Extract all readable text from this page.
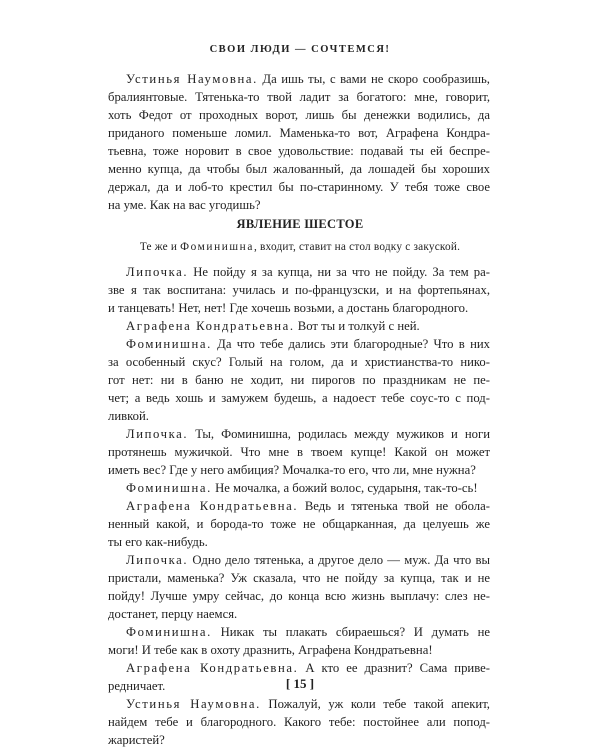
СВОИ ЛЮДИ — СОЧТЕМСЯ!
Устинья Наумовна. Да ишь ты, с вами не скоро сообразишь,
бралиянтовые. Тятенька-то твой ладит за богатого: мне, говорит,
хоть Федот от проходных ворот, лишь бы денежки водились, да
приданого поменьше ломил. Маменька-то вот, Аграфена Кондра-
тьевна, тоже норовит в свое удовольствие: подавай ты ей беспре-
менно купца, да чтобы был жалованный, да лошадей бы хороших
держал, да и лоб-то крестил бы по-старинному. У тебя тоже свое
на уме. Как на вас угодишь?
ЯВЛЕНИЕ ШЕСТОЕ
Те же и Фоминишна, входит, ставит на стол водку с закуской.
Липочка. Не пойду я за купца, ни за что не пойду. За тем ра-
зве я так воспитана: училась и по-французски, и на фортепьянах,
и танцевать! Нет, нет! Где хочешь возьми, а достань благородного.
Аграфена Кондратьевна. Вот ты и толкуй с ней.
Фоминишна. Да что тебе дались эти благородные? Что в них
за особенный скус? Голый на голом, да и христианства-то нико-
гот нет: ни в баню не ходит, ни пирогов по праздникам не пе-
чет; а ведь хошь и замужем будешь, а надоест тебе соус-то с под-
ливкой.
Липочка. Ты, Фоминишна, родилась между мужиков и ноги
протянешь мужичкой. Что мне в твоем купце! Какой он может
иметь вес? Где у него амбиция? Мочалка-то его, что ли, мне нужна?
Фоминишна. Не мочалка, а божий волос, сударыня, так-то-сь!
Аграфена Кондратьевна. Ведь и тятенька твой не обола-
ненный какой, и борода-то тоже не общарканная, да целуешь же
ты его как-нибудь.
Липочка. Одно дело тятенька, а другое дело — муж. Да что вы
пристали, маменька? Уж сказала, что не пойду за купца, так и не
пойду! Лучше умру сейчас, до конца всю жизнь выплачу: слез не-
достанет, перцу наемся.
Фоминишна. Никак ты плакать сбираешься? И думать не
моги! И тебе как в охоту дразнить, Аграфена Кондратьевна!
Аграфена Кондратьевна. А кто ее дразнит? Сама приве-
редничает.
Устинья Наумовна. Пожалуй, уж коли тебе такой апекит,
найдем тебе и благородного. Какого тебе: постойнее али попод-
жаристей?
[ 15 ]
